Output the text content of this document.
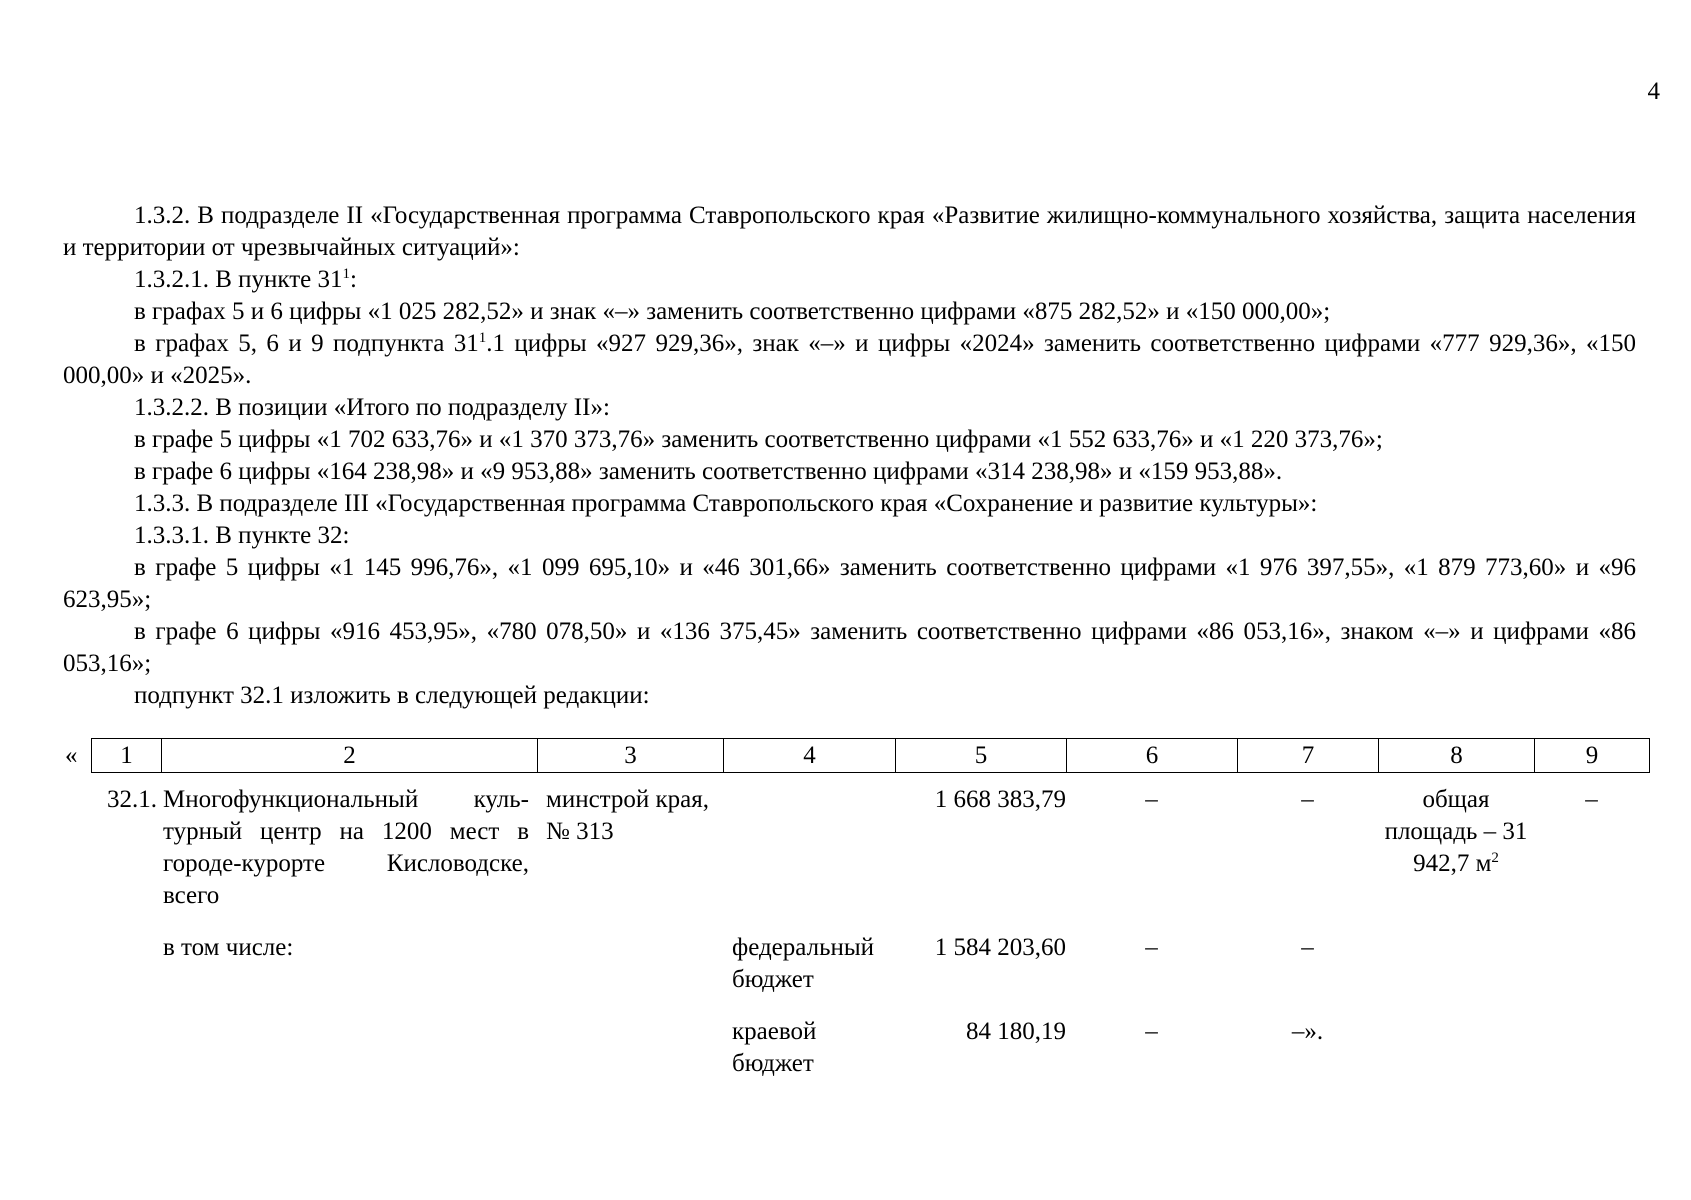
4

1.3.2. В подразделе II «Государственная программа Ставропольского края «Развитие жилищно-коммунального хозяйства, защита населения и территории от чрезвычайных ситуаций»:

1.3.2.1. В пункте $31^1$:

в графах 5 и 6 цифры «1 025 282,52» и знак «–» заменить соответственно цифрами «875 282,52» и «150 000,00»;

в графах 5, 6 и 9 подпункта $31^1.1$ цифры «927 929,36», знак «–» и цифры «2024» заменить соответственно цифрами «777 929,36», «150 000,00» и «2025».

1.3.2.2. В позиции «Итого по подразделу II»:

в графе 5 цифры «1 702 633,76» и «1 370 373,76» заменить соответственно цифрами «1 552 633,76» и «1 220 373,76»;

в графе 6 цифры «164 238,98» и «9 953,88» заменить соответственно цифрами «314 238,98» и «159 953,88».

1.3.3. В подразделе III «Государственная программа Ставропольского края «Сохранение и развитие культуры»:

1.3.3.1. В пункте 32:

в графе 5 цифры «1 145 996,76», «1 099 695,10» и «46 301,66» заменить соответственно цифрами «1 976 397,55», «1 879 773,60» и «96 623,95»;

в графе 6 цифры «916 453,95», «780 078,50» и «136 375,45» заменить соответственно цифрами «86 053,16», знаком «–» и цифрами «86 053,16»;

подпункт 32.1 изложить в следующей редакции:

« 1	2	3	4	5	6	7	8	9
32.1.	Многофункциональный культурный центр на 1200 мест в городе-курорте Кисловодске, всего	минстрой края, № 313		1 668 383,79	–	–	общая площадь – 31 942,7 $м^2$	–

	в том числе:		федеральный бюджет	1 584 203,60	–	–		

			краевой бюджет	84 180,19	–	–».		
